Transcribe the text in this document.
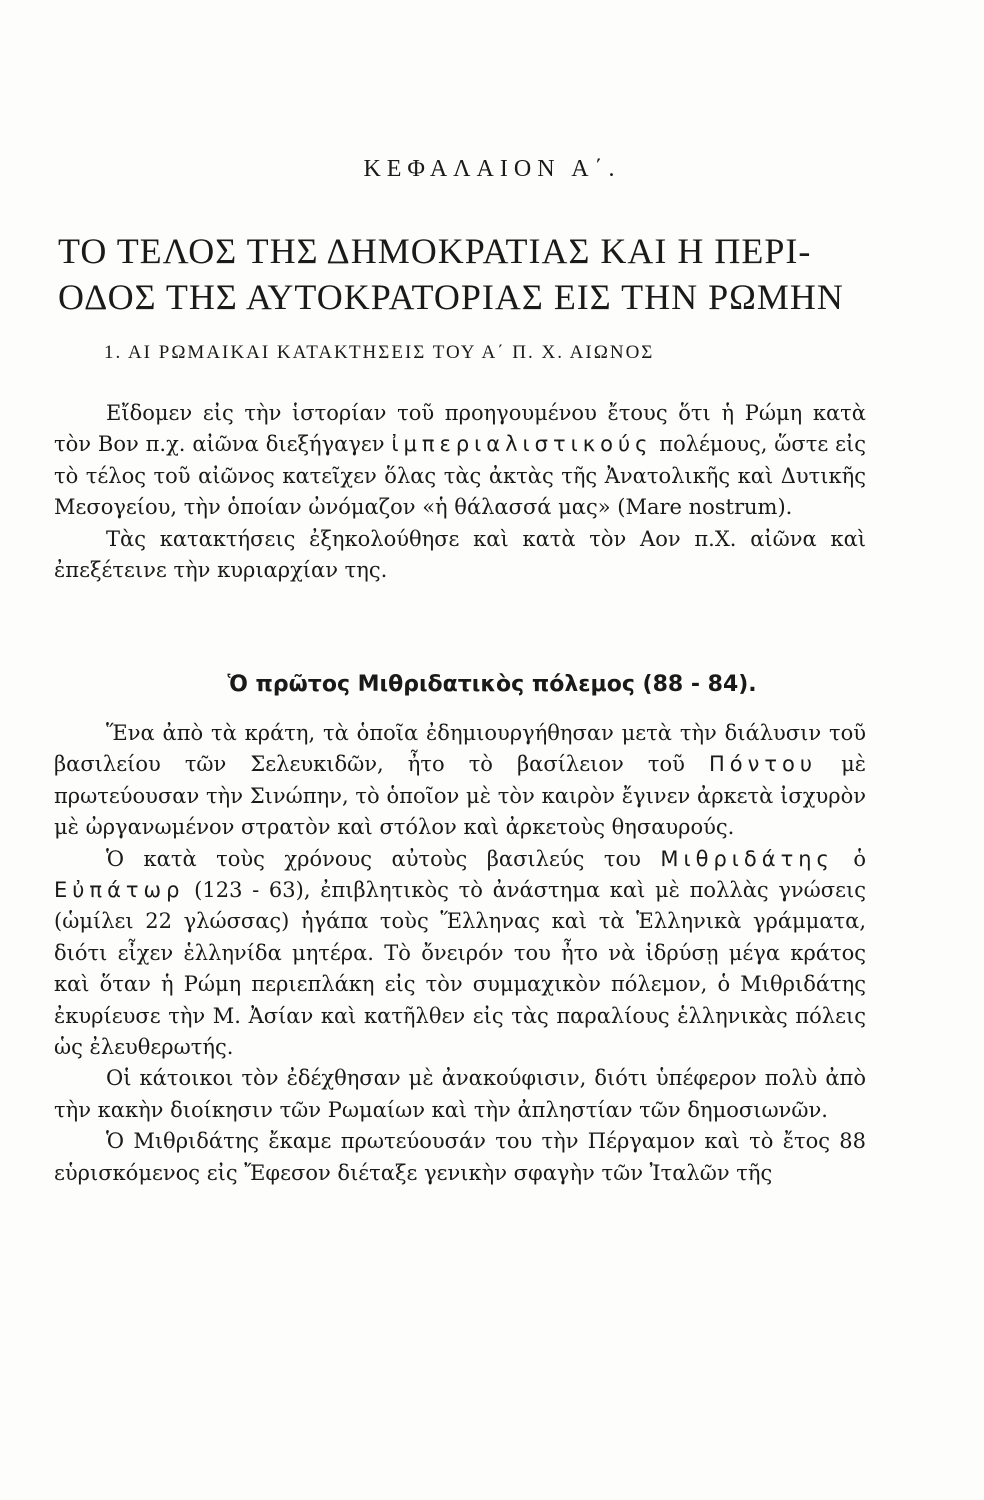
ΚΕΦΑΛΑΙΟΝ Α΄.
ΤΟ ΤΕΛΟΣ ΤΗΣ ΔΗΜΟΚΡΑΤΙΑΣ ΚΑΙ Η ΠΕΡΙ-
ΟΔΟΣ ΤΗΣ ΑΥΤΟΚΡΑΤΟΡΙΑΣ ΕΙΣ ΤΗΝ ΡΩΜΗΝ
1. ΑΙ ΡΩΜΑΙΚΑΙ ΚΑΤΑΚΤΗΣΕΙΣ ΤΟΥ Α΄ Π. Χ. ΑΙΩΝΟΣ

Εἴδομεν εἰς τὴν ἱστορίαν τοῦ προηγουμένου ἔτους ὅτι ἡ Ρώμη κατὰ τὸν Βον π.χ. αἰῶνα διεξήγαγεν ἰμπεριαλιστικούς πολέμους, ὥστε εἰς τὸ τέλος τοῦ αἰῶνος κατεῖχεν ὅλας τὰς ἀκτὰς τῆς Ἀνατολικῆς καὶ Δυτικῆς Μεσογείου, τὴν ὁποίαν ὠνόμαζον «ἡ θάλασσά μας» (Mare nostrum).

Τὰς κατακτήσεις ἐξηκολούθησε καὶ κατὰ τὸν Αον π.Χ. αἰῶνα καὶ ἐπεξέτεινε τὴν κυριαρχίαν της.

Ὁ πρῶτος Μιθριδατικὸς πόλεμος (88 - 84).

Ἕνα ἀπὸ τὰ κράτη, τὰ ὁποῖα ἐδημιουργήθησαν μετὰ τὴν διάλυσιν τοῦ βασιλείου τῶν Σελευκιδῶν, ἦτο τὸ βασίλειον τοῦ Πόντου μὲ πρωτεύουσαν τὴν Σινώπην, τὸ ὁποῖον μὲ τὸν καιρὸν ἔγινεν ἀρκετὰ ἰσχυρὸν μὲ ὠργανωμένον στρατὸν καὶ στόλον καὶ ἀρκετοὺς θησαυρούς.

Ὁ κατὰ τοὺς χρόνους αὐτοὺς βασιλεύς του Μιθριδάτης ὁ Εὐπάτωρ (123 - 63), ἐπιβλητικὸς τὸ ἀνάστημα καὶ μὲ πολλὰς γνώσεις (ὡμίλει 22 γλώσσας) ἠγάπα τοὺς Ἕλληνας καὶ τὰ Ἑλληνικὰ γράμματα, διότι εἶχεν ἑλληνίδα μητέρα. Τὸ ὄνειρόν του ἦτο νὰ ἱδρύσῃ μέγα κράτος καὶ ὅταν ἡ Ρώμη περιεπλάκη εἰς τὸν συμμαχικὸν πόλεμον, ὁ Μιθριδάτης ἐκυρίευσε τὴν Μ. Ἀσίαν καὶ κατῆλθεν εἰς τὰς παραλίους ἑλληνικὰς πόλεις ὡς ἐλευθερωτής.

Οἱ κάτοικοι τὸν ἐδέχθησαν μὲ ἀνακούφισιν, διότι ὑπέφερον πολὺ ἀπὸ τὴν κακὴν διοίκησιν τῶν Ρωμαίων καὶ τὴν ἀπληστίαν τῶν δημοσιωνῶν.

Ὁ Μιθριδάτης ἔκαμε πρωτεύουσάν του τὴν Πέργαμον καὶ τὸ ἔτος 88 εὑρισκόμενος εἰς Ἔφεσον διέταξε γενικὴν σφαγὴν τῶν Ἰταλῶν τῆς
